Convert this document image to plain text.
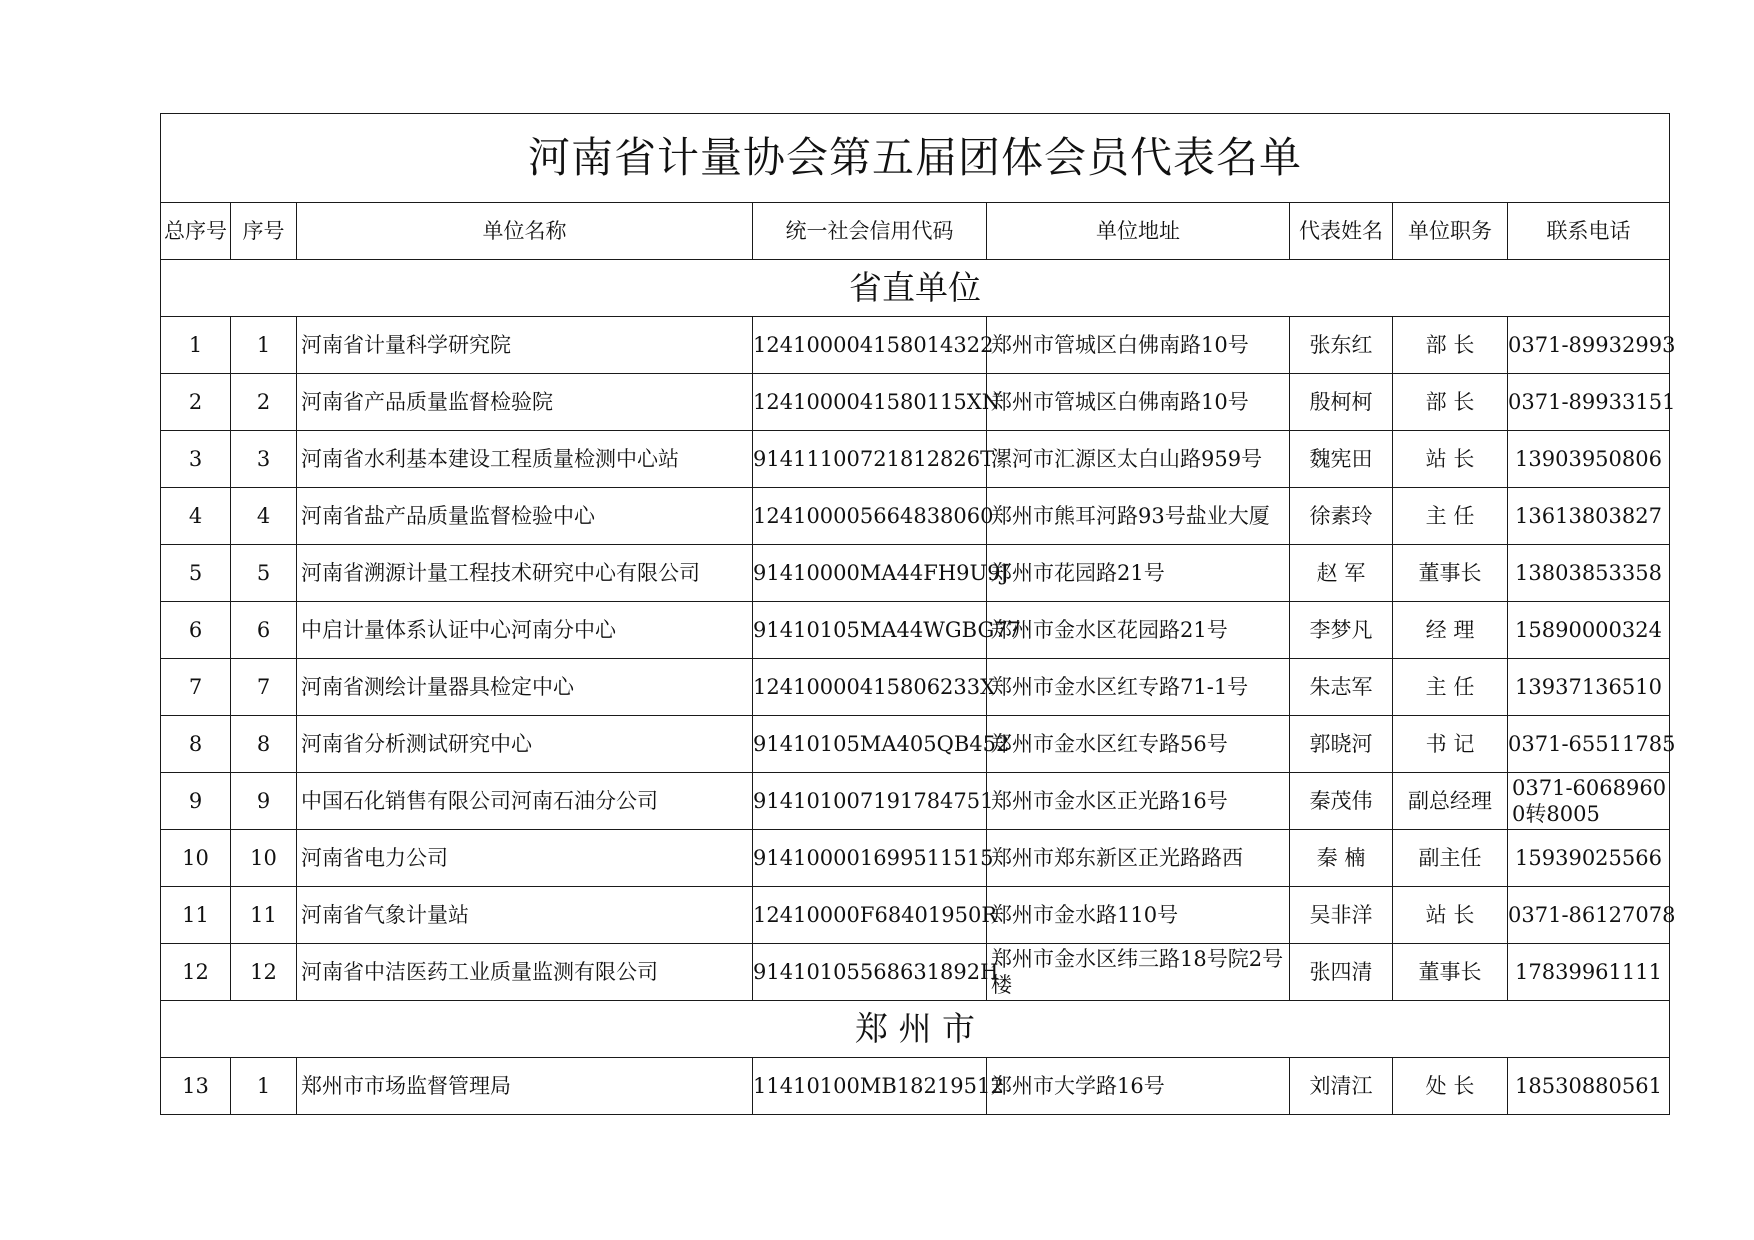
河南省计量协会第五届团体会员代表名单							
总序号	序号	单位名称	统一社会信用代码	单位地址	代表姓名	单位职务	联系电话
省直单位							
1	1	河南省计量科学研究院	124100004158014322	郑州市管城区白佛南路10号	张东红	部 长	0371-89932993
2	2	河南省产品质量监督检验院	12410000415801​15XN	郑州市管城区白佛南路10号	殷柯柯	部 长	0371-89933151
3	3	河南省水利基本建设工程质量检测中心站	91411100721812826T	漯河市汇源区太白山路959号	魏宪田	站 长	13903950806
4	4	河南省盐产品质量监督检验中心	124100005664838060	郑州市熊耳河路93号盐业大厦	徐素玲	主 任	13613803827
5	5	河南省溯源计量工程技术研究中心有限公司	91410000MA44FH9U9J	郑州市花园路21号	赵 军	董事长	13803853358
6	6	中启计量体系认证中心河南分中心	91410105MA44WGBG77	郑州市金水区花园路21号	李梦凡	经 理	15890000324
7	7	河南省测绘计量器具检定中心	12410000415806233X	郑州市金水区红专路71-1号	朱志军	主 任	13937136510
8	8	河南省分析测试研究中心	91410105MA405QB452	郑州市金水区红专路56号	郭晓河	书 记	0371-65511785
9	9	中国石化销售有限公司河南石油分公司	914101007191784751	郑州市金水区正光路16号	秦茂伟	副总经理	0371-60689600转8005
10	10	河南省电力公司	914100001699511515	郑州市郑东新区正光路路西	秦 楠	副主任	15939025566
11	11	河南省气象计量站	12410000F68401950R	郑州市金水路110号	吴非洋	站 长	0371-86127078
12	12	河南省中洁医药工业质量监测有限公司	91410105568631892H	郑州市金水区纬三路18号院2号楼	张四清	董事长	17839961111
郑 州 市							
13	1	郑州市市场监督管理局	11410100MB18219512	郑州市大学路16号	刘清江	处 长	18530880561
